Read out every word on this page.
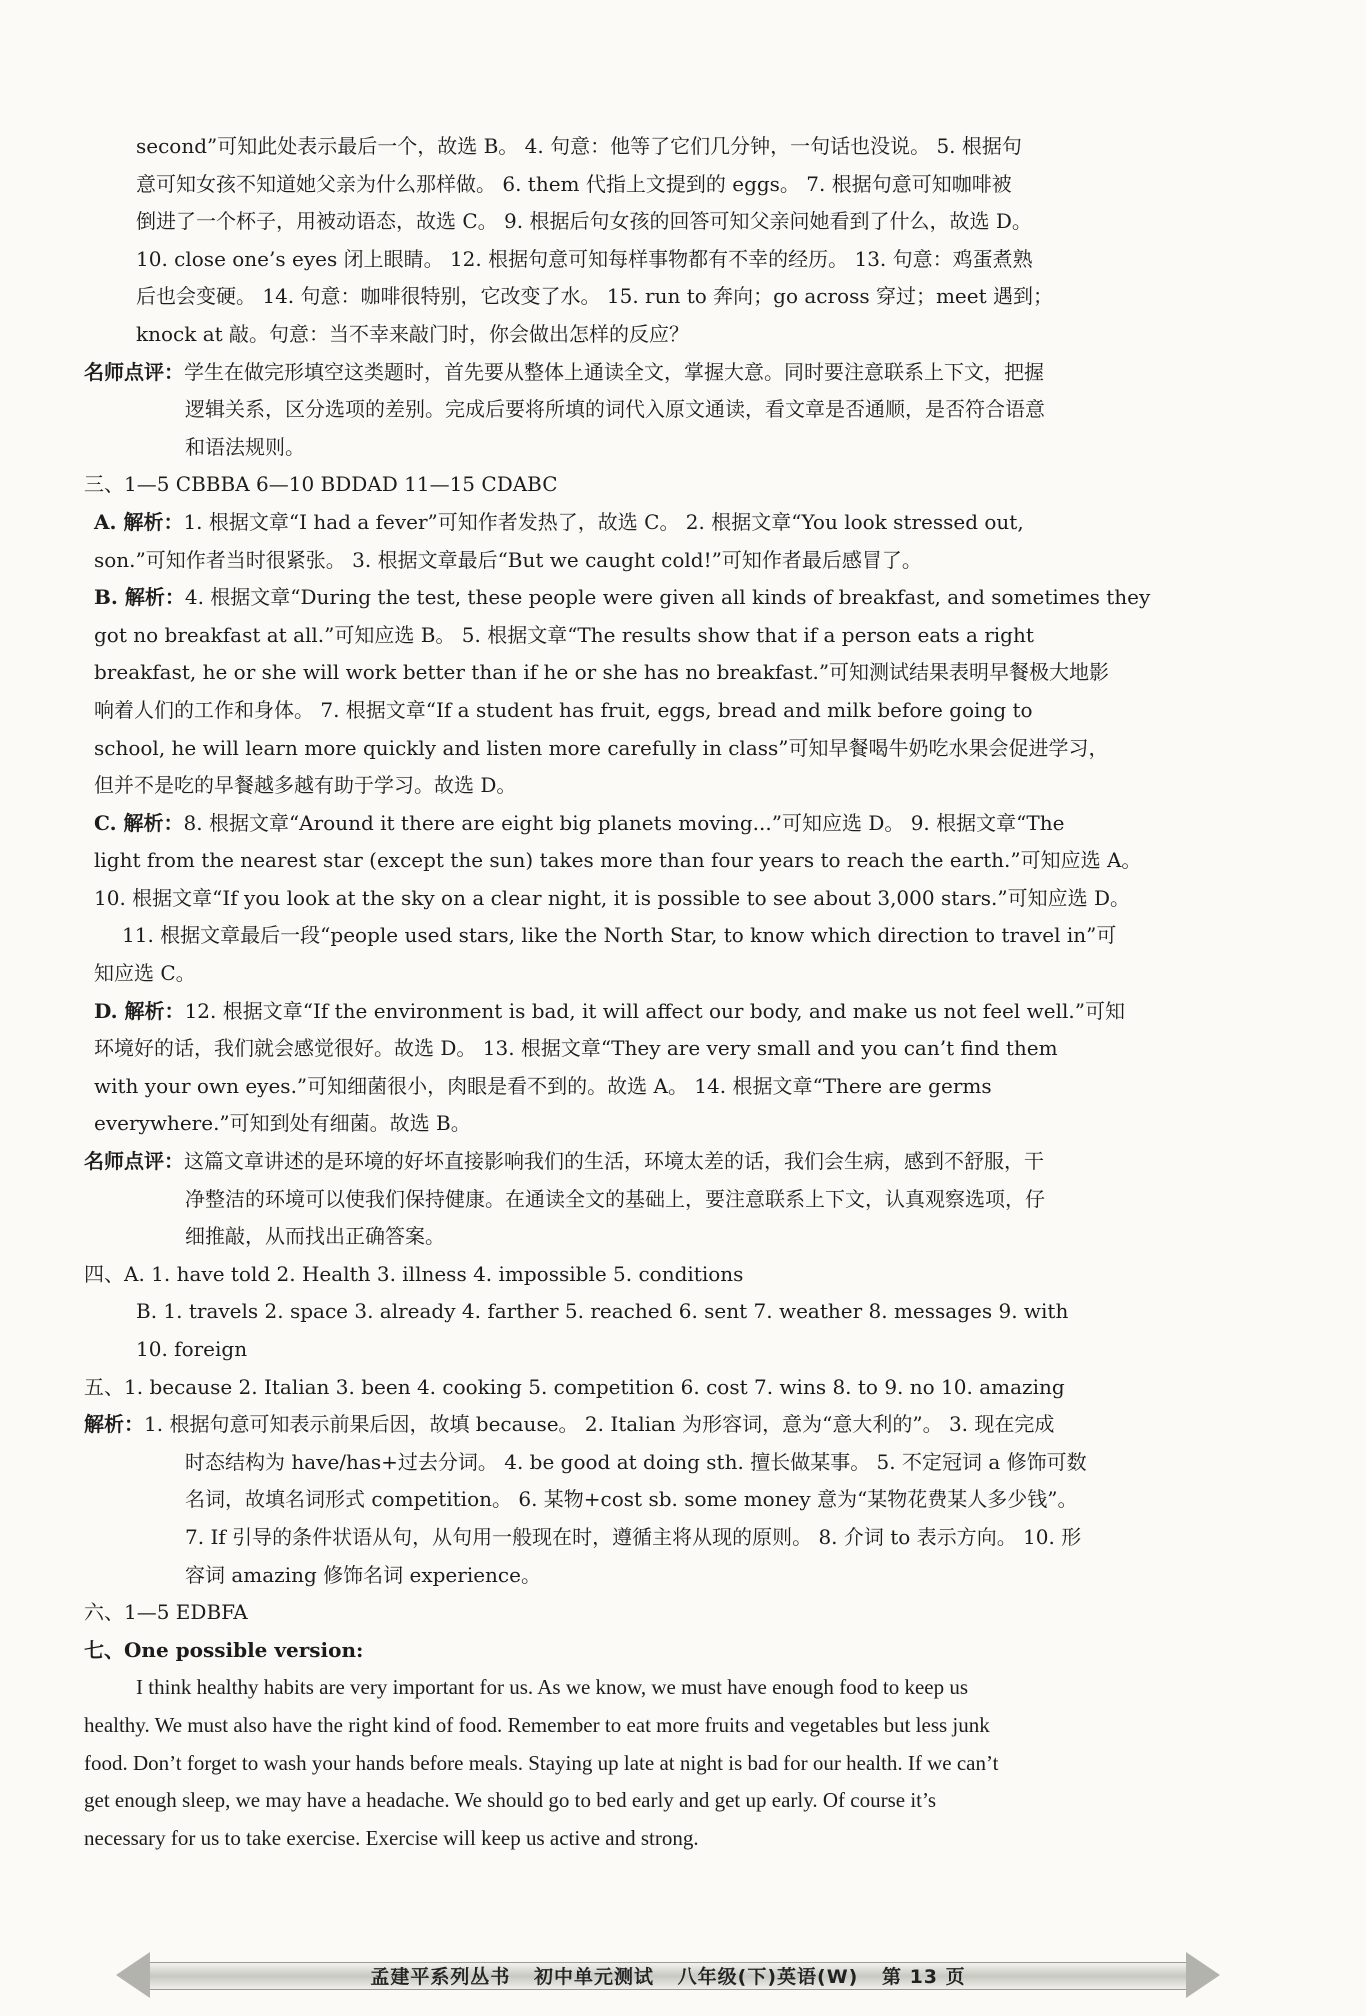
second”可知此处表示最后一个，故选 B。 4. 句意：他等了它们几分钟，一句话也没说。 5. 根据句
意可知女孩不知道她父亲为什么那样做。 6. them 代指上文提到的 eggs。 7. 根据句意可知咖啡被
倒进了一个杯子，用被动语态，故选 C。 9. 根据后句女孩的回答可知父亲问她看到了什么，故选 D。
10. close one’s eyes 闭上眼睛。 12. 根据句意可知每样事物都有不幸的经历。 13. 句意：鸡蛋煮熟
后也会变硬。 14. 句意：咖啡很特别，它改变了水。 15. run to 奔向；go across 穿过；meet 遇到；
knock at 敲。句意：当不幸来敲门时，你会做出怎样的反应？
名师点评：学生在做完形填空这类题时，首先要从整体上通读全文，掌握大意。同时要注意联系上下文，把握
逻辑关系，区分选项的差别。完成后要将所填的词代入原文通读，看文章是否通顺，是否符合语意
和语法规则。
三、1—5 CBBBA 6—10 BDDAD 11—15 CDABC
A. 解析：1. 根据文章“I had a fever”可知作者发热了，故选 C。 2. 根据文章“You look stressed out,
son.”可知作者当时很紧张。 3. 根据文章最后“But we caught cold!”可知作者最后感冒了。
B. 解析：4. 根据文章“During the test, these people were given all kinds of breakfast, and sometimes they
got no breakfast at all.”可知应选 B。 5. 根据文章“The results show that if a person eats a right
breakfast, he or she will work better than if he or she has no breakfast.”可知测试结果表明早餐极大地影
响着人们的工作和身体。 7. 根据文章“If a student has fruit, eggs, bread and milk before going to
school, he will learn more quickly and listen more carefully in class”可知早餐喝牛奶吃水果会促进学习，
但并不是吃的早餐越多越有助于学习。故选 D。
C. 解析：8. 根据文章“Around it there are eight big planets moving...”可知应选 D。 9. 根据文章“The
light from the nearest star (except the sun) takes more than four years to reach the earth.”可知应选 A。
10. 根据文章“If you look at the sky on a clear night, it is possible to see about 3,000 stars.”可知应选 D。
11. 根据文章最后一段“people used stars, like the North Star, to know which direction to travel in”可
知应选 C。
D. 解析：12. 根据文章“If the environment is bad, it will affect our body, and make us not feel well.”可知
环境好的话，我们就会感觉很好。故选 D。 13. 根据文章“They are very small and you can’t find them
with your own eyes.”可知细菌很小，肉眼是看不到的。故选 A。 14. 根据文章“There are germs
everywhere.”可知到处有细菌。故选 B。
名师点评：这篇文章讲述的是环境的好坏直接影响我们的生活，环境太差的话，我们会生病，感到不舒服，干
净整洁的环境可以使我们保持健康。在通读全文的基础上，要注意联系上下文，认真观察选项，仔
细推敲，从而找出正确答案。
四、A. 1. have told 2. Health 3. illness 4. impossible 5. conditions
B. 1. travels 2. space 3. already 4. farther 5. reached 6. sent 7. weather 8. messages 9. with
10. foreign
五、1. because 2. Italian 3. been 4. cooking 5. competition 6. cost 7. wins 8. to 9. no 10. amazing
解析：1. 根据句意可知表示前果后因，故填 because。 2. Italian 为形容词，意为“意大利的”。 3. 现在完成
时态结构为 have/has+过去分词。 4. be good at doing sth. 擅长做某事。 5. 不定冠词 a 修饰可数
名词，故填名词形式 competition。 6. 某物+cost sb. some money 意为“某物花费某人多少钱”。
7. If 引导的条件状语从句，从句用一般现在时，遵循主将从现的原则。 8. 介词 to 表示方向。 10. 形
容词 amazing 修饰名词 experience。
六、1—5 EDBFA
七、One possible version:
I think healthy habits are very important for us. As we know, we must have enough food to keep us
healthy. We must also have the right kind of food. Remember to eat more fruits and vegetables but less junk
food. Don’t forget to wash your hands before meals. Staying up late at night is bad for our health. If we can’t
get enough sleep, we may have a headache. We should go to bed early and get up early. Of course it’s
necessary for us to take exercise. Exercise will keep us active and strong.
孟建平系列丛书 初中单元测试 八年级(下)英语(W) 第 13 页
